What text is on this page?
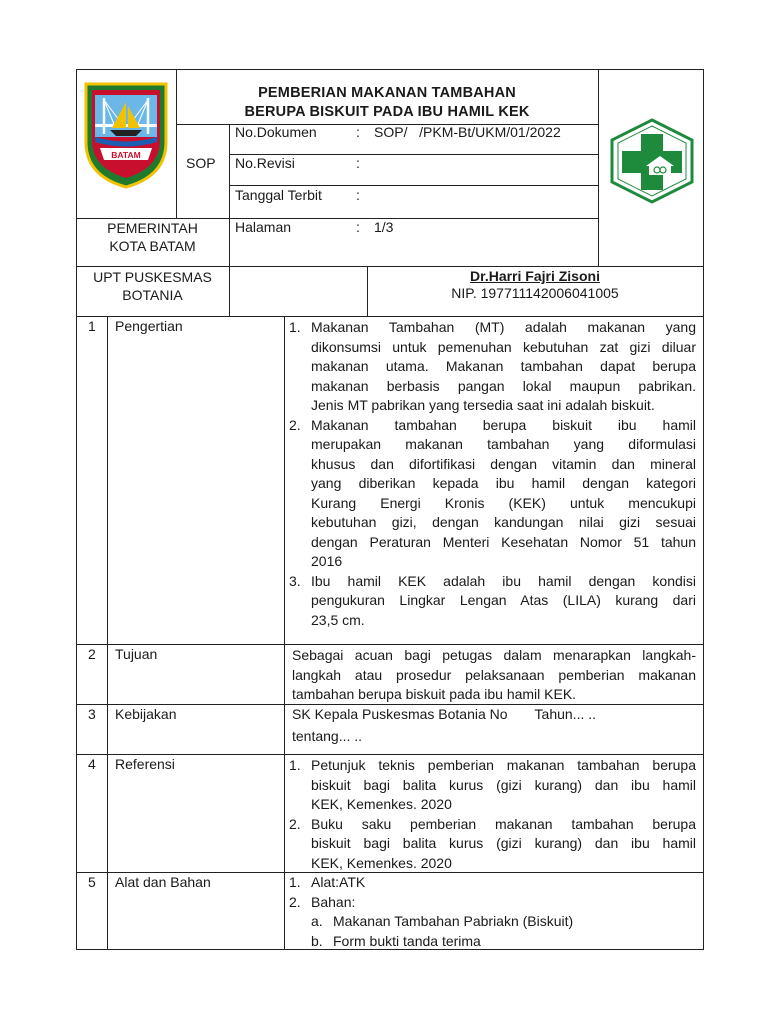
BATAM
PEMBERIAN MAKANAN TAMBAHAN
BERUPA BISKUIT PADA IBU HAMIL KEK
SOP
No.Dokumen	: SOP/   /PKM-Bt/UKM/01/2022
No.Revisi	:
Tanggal Terbit :
Halaman	: 1/3
PEMERINTAH
KOTA BATAM
UPT PUSKESMAS
BOTANIA
Dr.Harri Fajri Zisoni
NIP. 197711142006041005
1 Pengertian	1. Makanan Tambahan (MT) adalah makanan yang
dikonsumsi untuk pemenuhan kebutuhan zat gizi diluar
makanan utama. Makanan tambahan dapat berupa
makanan berbasis pangan lokal maupun pabrikan.
Jenis MT pabrikan yang tersedia saat ini adalah biskuit.
2. Makanan tambahan berupa biskuit ibu hamil
merupakan makanan tambahan yang diformulasi
khusus dan difortifikasi dengan vitamin dan mineral
yang diberikan kepada ibu hamil dengan kategori
Kurang Energi Kronis (KEK) untuk mencukupi
kebutuhan gizi, dengan kandungan nilai gizi sesuai
dengan Peraturan Menteri Kesehatan Nomor 51 tahun
2016
3. Ibu hamil KEK adalah ibu hamil dengan kondisi
pengukuran Lingkar Lengan Atas (LILA) kurang dari
23,5 cm.
2 Tujuan	Sebagai acuan bagi petugas dalam menarapkan langkah-
langkah atau prosedur pelaksanaan pemberian makanan
tambahan berupa biskuit pada ibu hamil KEK.
3 Kebijakan	SK Kepala Puskesmas Botania No       Tahun... ..
tentang... ..
4 Referensi	1. Petunjuk teknis pemberian makanan tambahan berupa
biskuit bagi balita kurus (gizi kurang) dan ibu hamil
KEK, Kemenkes. 2020
2. Buku saku pemberian makanan tambahan berupa
biskuit bagi balita kurus (gizi kurang) dan ibu hamil
KEK, Kemenkes. 2020
5 Alat dan Bahan	1. Alat:ATK
2. Bahan:
a. Makanan Tambahan Pabriakn (Biskuit)
b. Form bukti tanda terima
